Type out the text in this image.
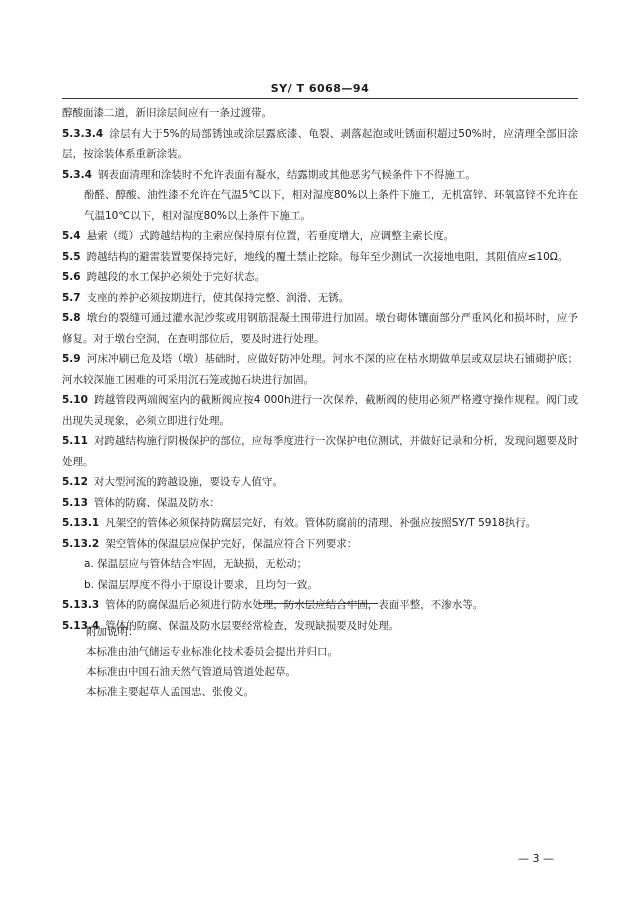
SY/ T 6068—94

醇酸面漆二道，新旧涂层间应有一条过渡带。

5.3.3.4 涂层有大于5%的局部锈蚀或涂层露底漆、龟裂、剥落起泡或吐锈面积超过50%时，应清理全部旧涂层，按涂装体系重新涂装。

5.3.4 钢表面清理和涂装时不允许表面有凝水，结露期或其他恶劣气候条件下不得施工。

酚醛、醇酸、油性漆不允许在气温5℃以下，相对湿度80%以上条件下施工，无机富锌、环氧富锌不允许在气温10℃以下，相对湿度80%以上条件下施工。

5.4 悬索（缆）式跨越结构的主索应保持原有位置，若垂度增大，应调整主索长度。

5.5 跨越结构的避雷装置要保持完好，地线的覆土禁止挖除。每年至少测试一次接地电阻，其阻值应≤10Ω。

5.6 跨越段的水工保护必须处于完好状态。

5.7 支座的养护必须按期进行，使其保持完整、润滑、无锈。

5.8 墩台的裂缝可通过灌水泥沙浆或用钢筋混凝土围带进行加固。墩台砌体镶面部分严重风化和损坏时，应予修复。对于墩台空洞，在查明部位后，要及时进行处理。

5.9 河床冲刷已危及塔（墩）基础时，应做好防冲处理。河水不深的应在枯水期做单层或双层块石铺砌护底；河水较深施工困难的可采用沉石笼或抛石块进行加固。

5.10 跨越管段两端阀室内的截断阀应按4 000h进行一次保养，截断阀的使用必须严格遵守操作规程。阀门或出现失灵现象，必须立即进行处理。

5.11 对跨越结构施行阴极保护的部位，应每季度进行一次保护电位测试，并做好记录和分析，发现问题要及时处理。

5.12 对大型河流的跨越设施，要设专人值守。

5.13 管体的防腐、保温及防水：

5.13.1 凡架空的管体必须保持防腐层完好，有效。管体防腐前的清理、补强应按照SY/T 5918执行。

5.13.2 架空管体的保温层应保护完好，保温应符合下列要求：

a. 保温层应与管体结合牢固，无缺损，无松动；

b. 保温层厚度不得小于原设计要求，且均匀一致。

5.13.3 管体的防腐保温后必须进行防水处理，防水层应结合牢固，表面平整，不渗水等。

5.13.4 管体的防腐、保温及防水层要经常检查，发现缺损要及时处理。

附加说明：

本标准由油气储运专业标准化技术委员会提出并归口。

本标准由中国石油天然气管道局管道处起草。

本标准主要起草人孟国忠、张俊义。

— 3 —
